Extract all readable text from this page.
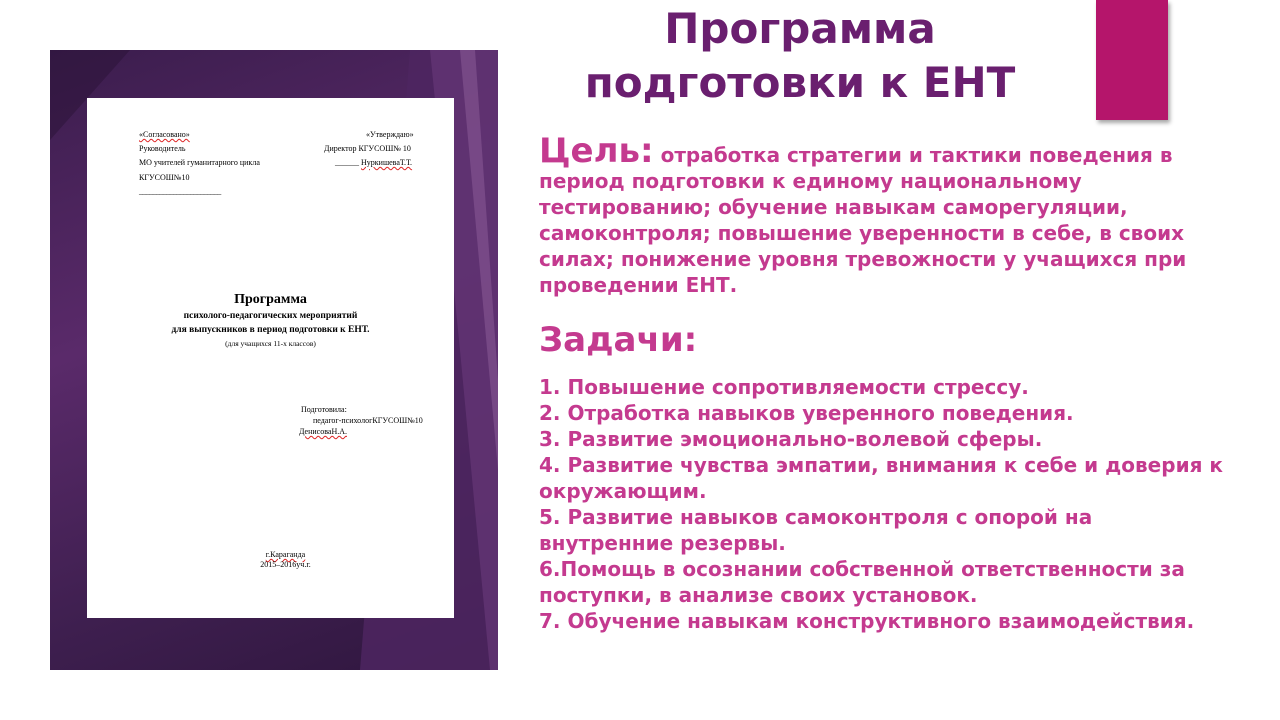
«Согласовано»
Руководитель
МО учителей гуманитарного цикла
КГУСОШ№10
________________________
«Утверждаю»
Директор КГУСОШ№ 10
______ НуркишеваТ.Т.
Программа
психолого-педагогических мероприятий
для выпускников в период подготовки к ЕНТ.
(для учащихся 11-х классов)
Подготовила:
педагог-психологКГУСОШ№10
ДенисоваН.А.
г.Караганда
2015–2016уч.г.
Программа
подготовки к ЕНТ
Цель: отработка стратегии и тактики поведения в период подготовки к единому национальному тестированию; обучение навыкам саморегуляции, самоконтроля; повышение уверенности в себе, в своих силах; понижение уровня тревожности у учащихся при проведении ЕНТ.
Задачи:
1. Повышение сопротивляемости стрессу.
2. Отработка навыков уверенного поведения.
3. Развитие эмоционально-волевой сферы.
4. Развитие чувства эмпатии, внимания к себе и доверия к окружающим.
5. Развитие навыков самоконтроля с опорой на внутренние резервы.
6.Помощь в осознании собственной ответственности за поступки, в анализе своих установок.
7. Обучение навыкам конструктивного взаимодействия.
